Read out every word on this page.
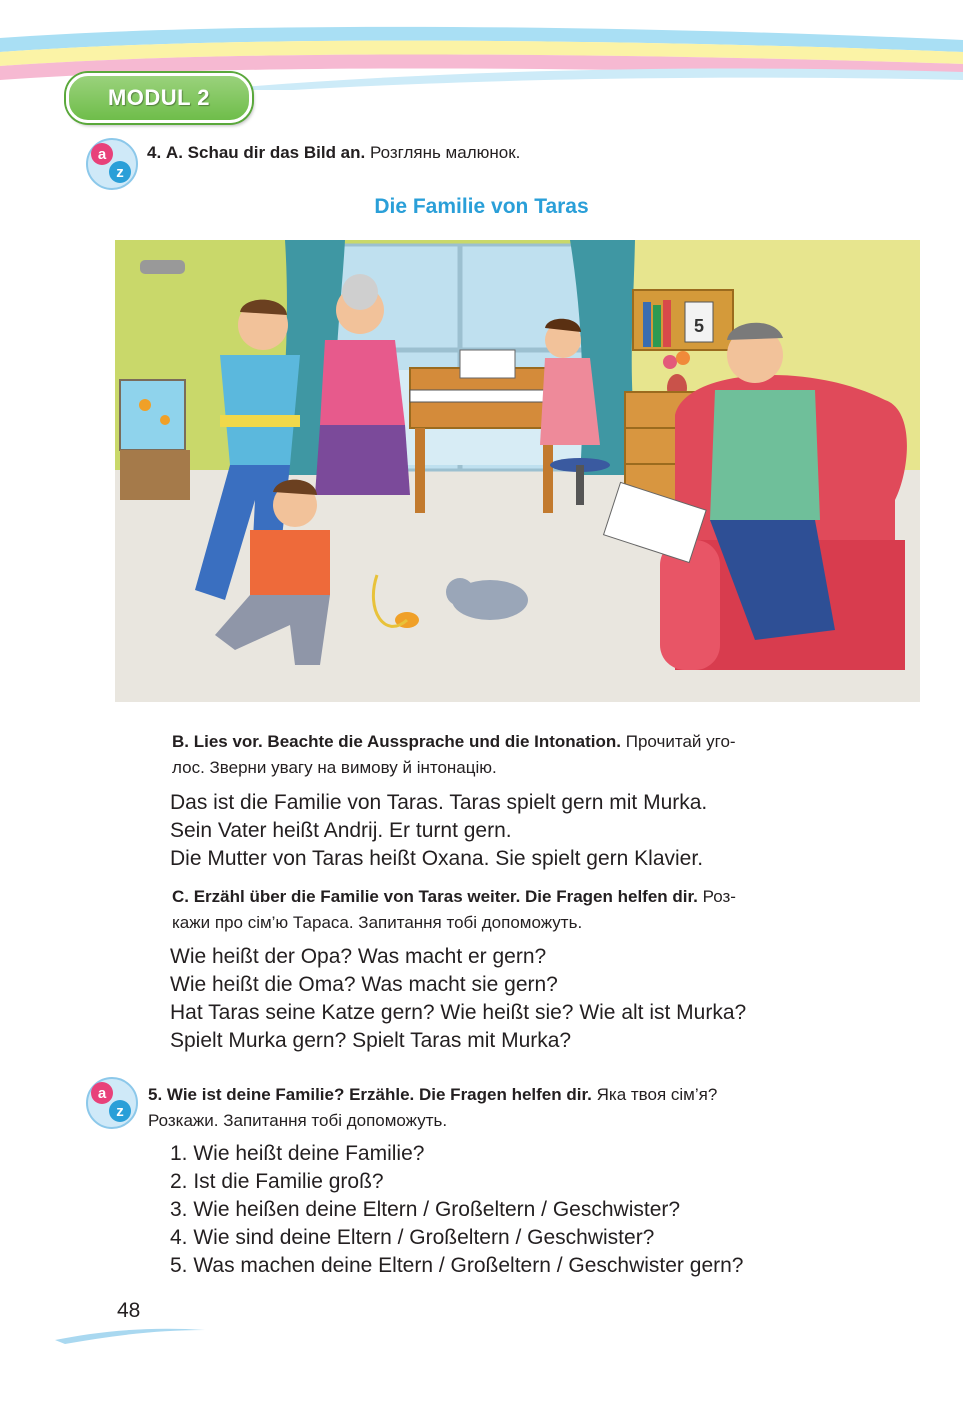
MODUL 2
a
z
4. A. Schau dir das Bild an. Розглянь малюнок.
Die Familie von Taras
5
B. Lies vor. Beachte die Aussprache und die Intonation. Прочитай уго-
лос. Зверни увагу на вимову й інтонацію.
Das ist die Familie von Taras. Taras spielt gern mit Murka.
Sein Vater heißt Andrij. Er turnt gern.
Die Mutter von Taras heißt Oxana. Sie spielt gern Klavier.
C. Erzähl über die Familie von Taras weiter. Die Fragen helfen dir. Роз-
кажи про сім’ю Тараса. Запитання тобі допоможуть.
Wie heißt der Opa? Was macht er gern?
Wie heißt die Oma? Was macht sie gern?
Hat Taras seine Katze gern? Wie heißt sie? Wie alt ist Murka?
Spielt Murka gern? Spielt Taras mit Murka?
a
z
5. Wie ist deine Familie? Erzähle. Die Fragen helfen dir. Яка твоя сім’я?
Розкажи. Запитання тобі допоможуть.
1. Wie heißt deine Familie?
2. Ist die Familie groß?
3. Wie heißen deine Eltern / Großeltern / Geschwister?
4. Wie sind deine Eltern / Großeltern / Geschwister?
5. Was machen deine Eltern / Großeltern / Geschwister gern?
48
